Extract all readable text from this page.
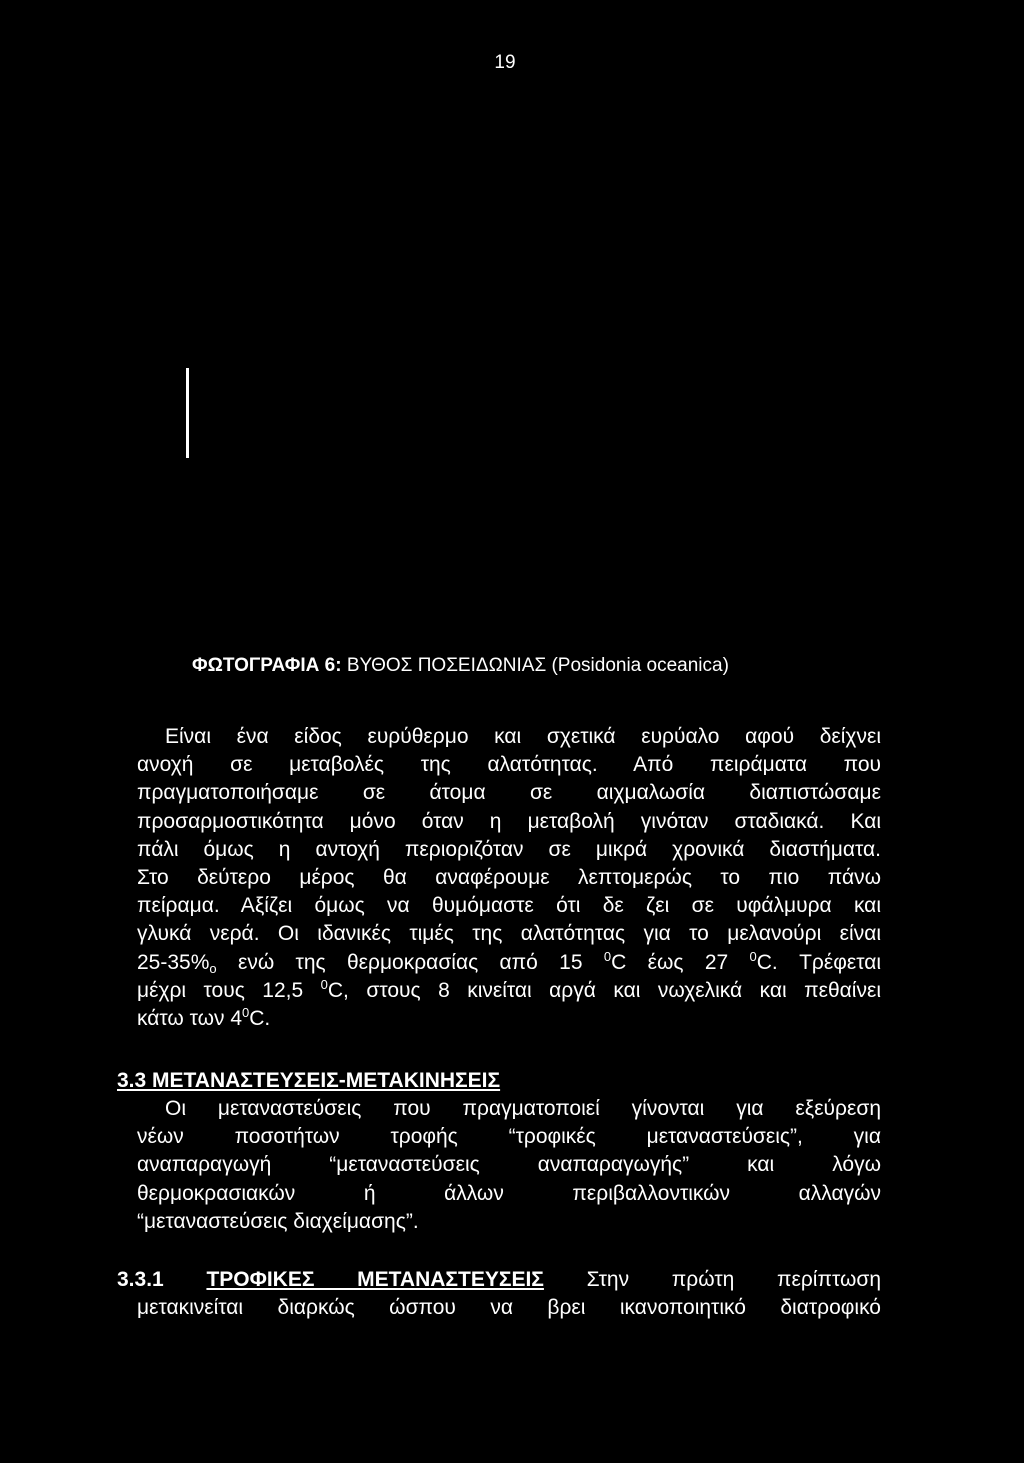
19
ΦΩΤΟΓΡΑΦΙΑ 6: ΒΥΘΟΣ ΠΟΣΕΙΔΩΝΙΑΣ (Posidonia oceanica)
Είναι ένα είδος ευρύθερμο και σχετικά ευρύαλο αφού δείχνει
ανοχή σε μεταβολές της αλατότητας. Από πειράματα που
πραγματοποιήσαμε σε άτομα σε αιχμαλωσία διαπιστώσαμε
προσαρμοστικότητα μόνο όταν η μεταβολή γινόταν σταδιακά. Και
πάλι όμως η αντοχή περιοριζόταν σε μικρά χρονικά διαστήματα.
Στο δεύτερο μέρος θα αναφέρουμε λεπτομερώς το πιο πάνω
πείραμα. Αξίζει όμως να θυμόμαστε ότι δε ζει σε υφάλμυρα και
γλυκά νερά. Οι ιδανικές τιμές της αλατότητας για το μελανούρι είναι
$25-35\%_o$ ενώ της θερμοκρασίας από 15 $^0$C έως 27 $^0$C. Τρέφεται
μέχρι τους 12,5 $^0$C, στους 8 κινείται αργά και νωχελικά και πεθαίνει
κάτω των $4^0C$.
3.3 ΜΕΤΑΝΑΣΤΕΥΣΕΙΣ-ΜΕΤΑΚΙΝΗΣΕΙΣ
Οι μεταναστεύσεις που πραγματοποιεί γίνονται για εξεύρεση
νέων ποσοτήτων τροφής “τροφικές μεταναστεύσεις”, για
αναπαραγωγή “μεταναστεύσεις αναπαραγωγής” και λόγω
θερμοκρασιακών ή άλλων περιβαλλοντικών αλλαγών
“μεταναστεύσεις διαχείμασης”.
3.3.1 ΤΡΟΦΙΚΕΣ ΜΕΤΑΝΑΣΤΕΥΣΕΙΣ Στην πρώτη περίπτωση
μετακινείται διαρκώς ώσπου να βρει ικανοποιητικό διατροφικό
